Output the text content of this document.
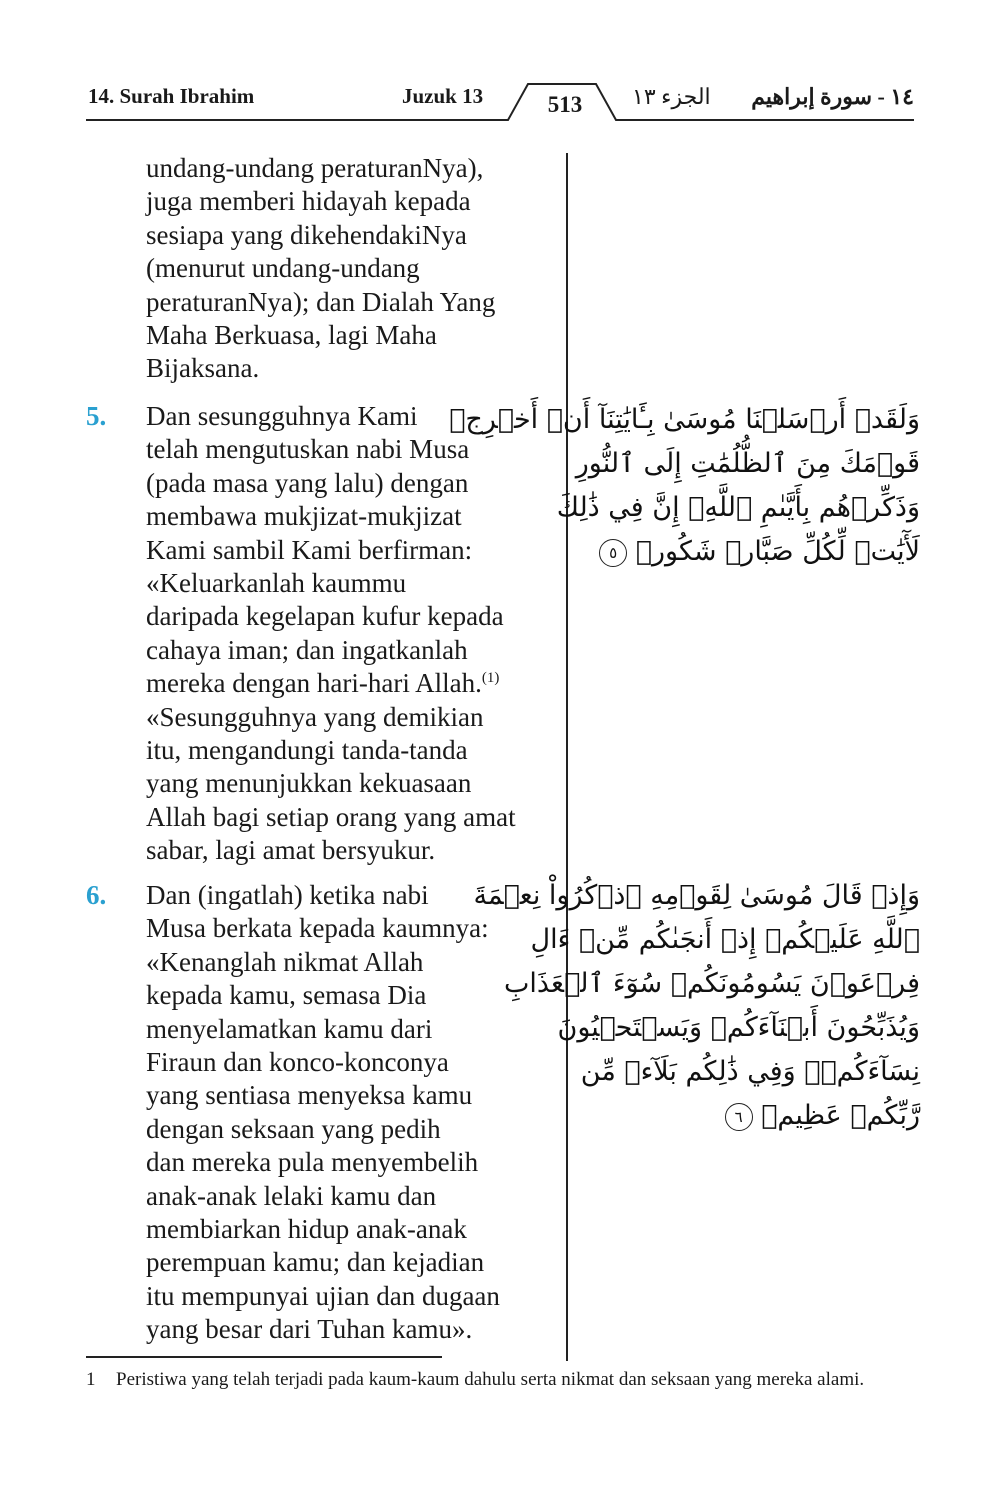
14. Surah Ibrahim	Juzuk 13	513 الجزء ١٣ ١٤ - سورة إبراهيم

undang-undang peraturanNya),

juga memberi hidayah kepada

sesiapa yang dikehendakiNya

(menurut undang-undang

peraturanNya); dan Dialah Yang

Maha Berkuasa, lagi Maha

Bijaksana.

5. Dan sesungguhnya Kami

telah mengutuskan nabi Musa

(pada masa yang lalu) dengan

membawa mukjizat-mukjizat

Kami sambil Kami berfirman:

«Keluarkanlah kaummu

daripada kegelapan kufur kepada

cahaya iman; dan ingatkanlah

mereka dengan hari-hari Allah.$^{(1)}$

«Sesungguhnya yang demikian

itu, mengandungi tanda-tanda

yang menunjukkan kekuasaan

Allah bagi setiap orang yang amat

sabar, lagi amat bersyukur.

6. Dan (ingatlah) ketika nabi

Musa berkata kepada kaumnya:

«Kenanglah nikmat Allah

kepada kamu, semasa Dia

menyelamatkan kamu dari

Firaun dan konco-konconya

yang sentiasa menyeksa kamu

dengan seksaan yang pedih

dan mereka pula menyembelih

anak-anak lelaki kamu dan

membiarkan hidup anak-anak

perempuan kamu; dan kejadian

itu mempunyai ujian dan dugaan

yang besar dari Tuhan kamu».

وَلَقَدۡ أَرۡسَلۡنَا مُوسَىٰ بِـَٔايَٰتِنَآ أَنۡ أَخۡرِجۡ
قَوۡمَكَ مِنَ ٱلظُّلُمَٰتِ إِلَى ٱلنُّورِ
وَذَكِّرۡهُم بِأَيَّىٰمِ ٱللَّهِۚ إِنَّ فِي ذَٰلِكَ
لَأٓيَٰتٖ لِّكُلِّ صَبَّارٖ شَكُورٖ ٥
وَإِذۡ قَالَ مُوسَىٰ لِقَوۡمِهِ ٱذۡكُرُواْ نِعۡمَةَ
ٱللَّهِ عَلَيۡكُمۡ إِذۡ أَنجَىٰكُم مِّنۡ ءَالِ
فِرۡعَوۡنَ يَسُومُونَكُمۡ سُوٓءَ ٱلۡعَذَابِ
وَيُذَبِّحُونَ أَبۡنَآءَكُمۡ وَيَسۡتَحۡيُونَ
نِسَآءَكُمۡۚ وَفِي ذَٰلِكُم بَلَآءٞ مِّن
رَّبِّكُمۡ عَظِيمٞ ٦
1 Peristiwa yang telah terjadi pada kaum-kaum dahulu serta nikmat dan seksaan yang mereka alami.
